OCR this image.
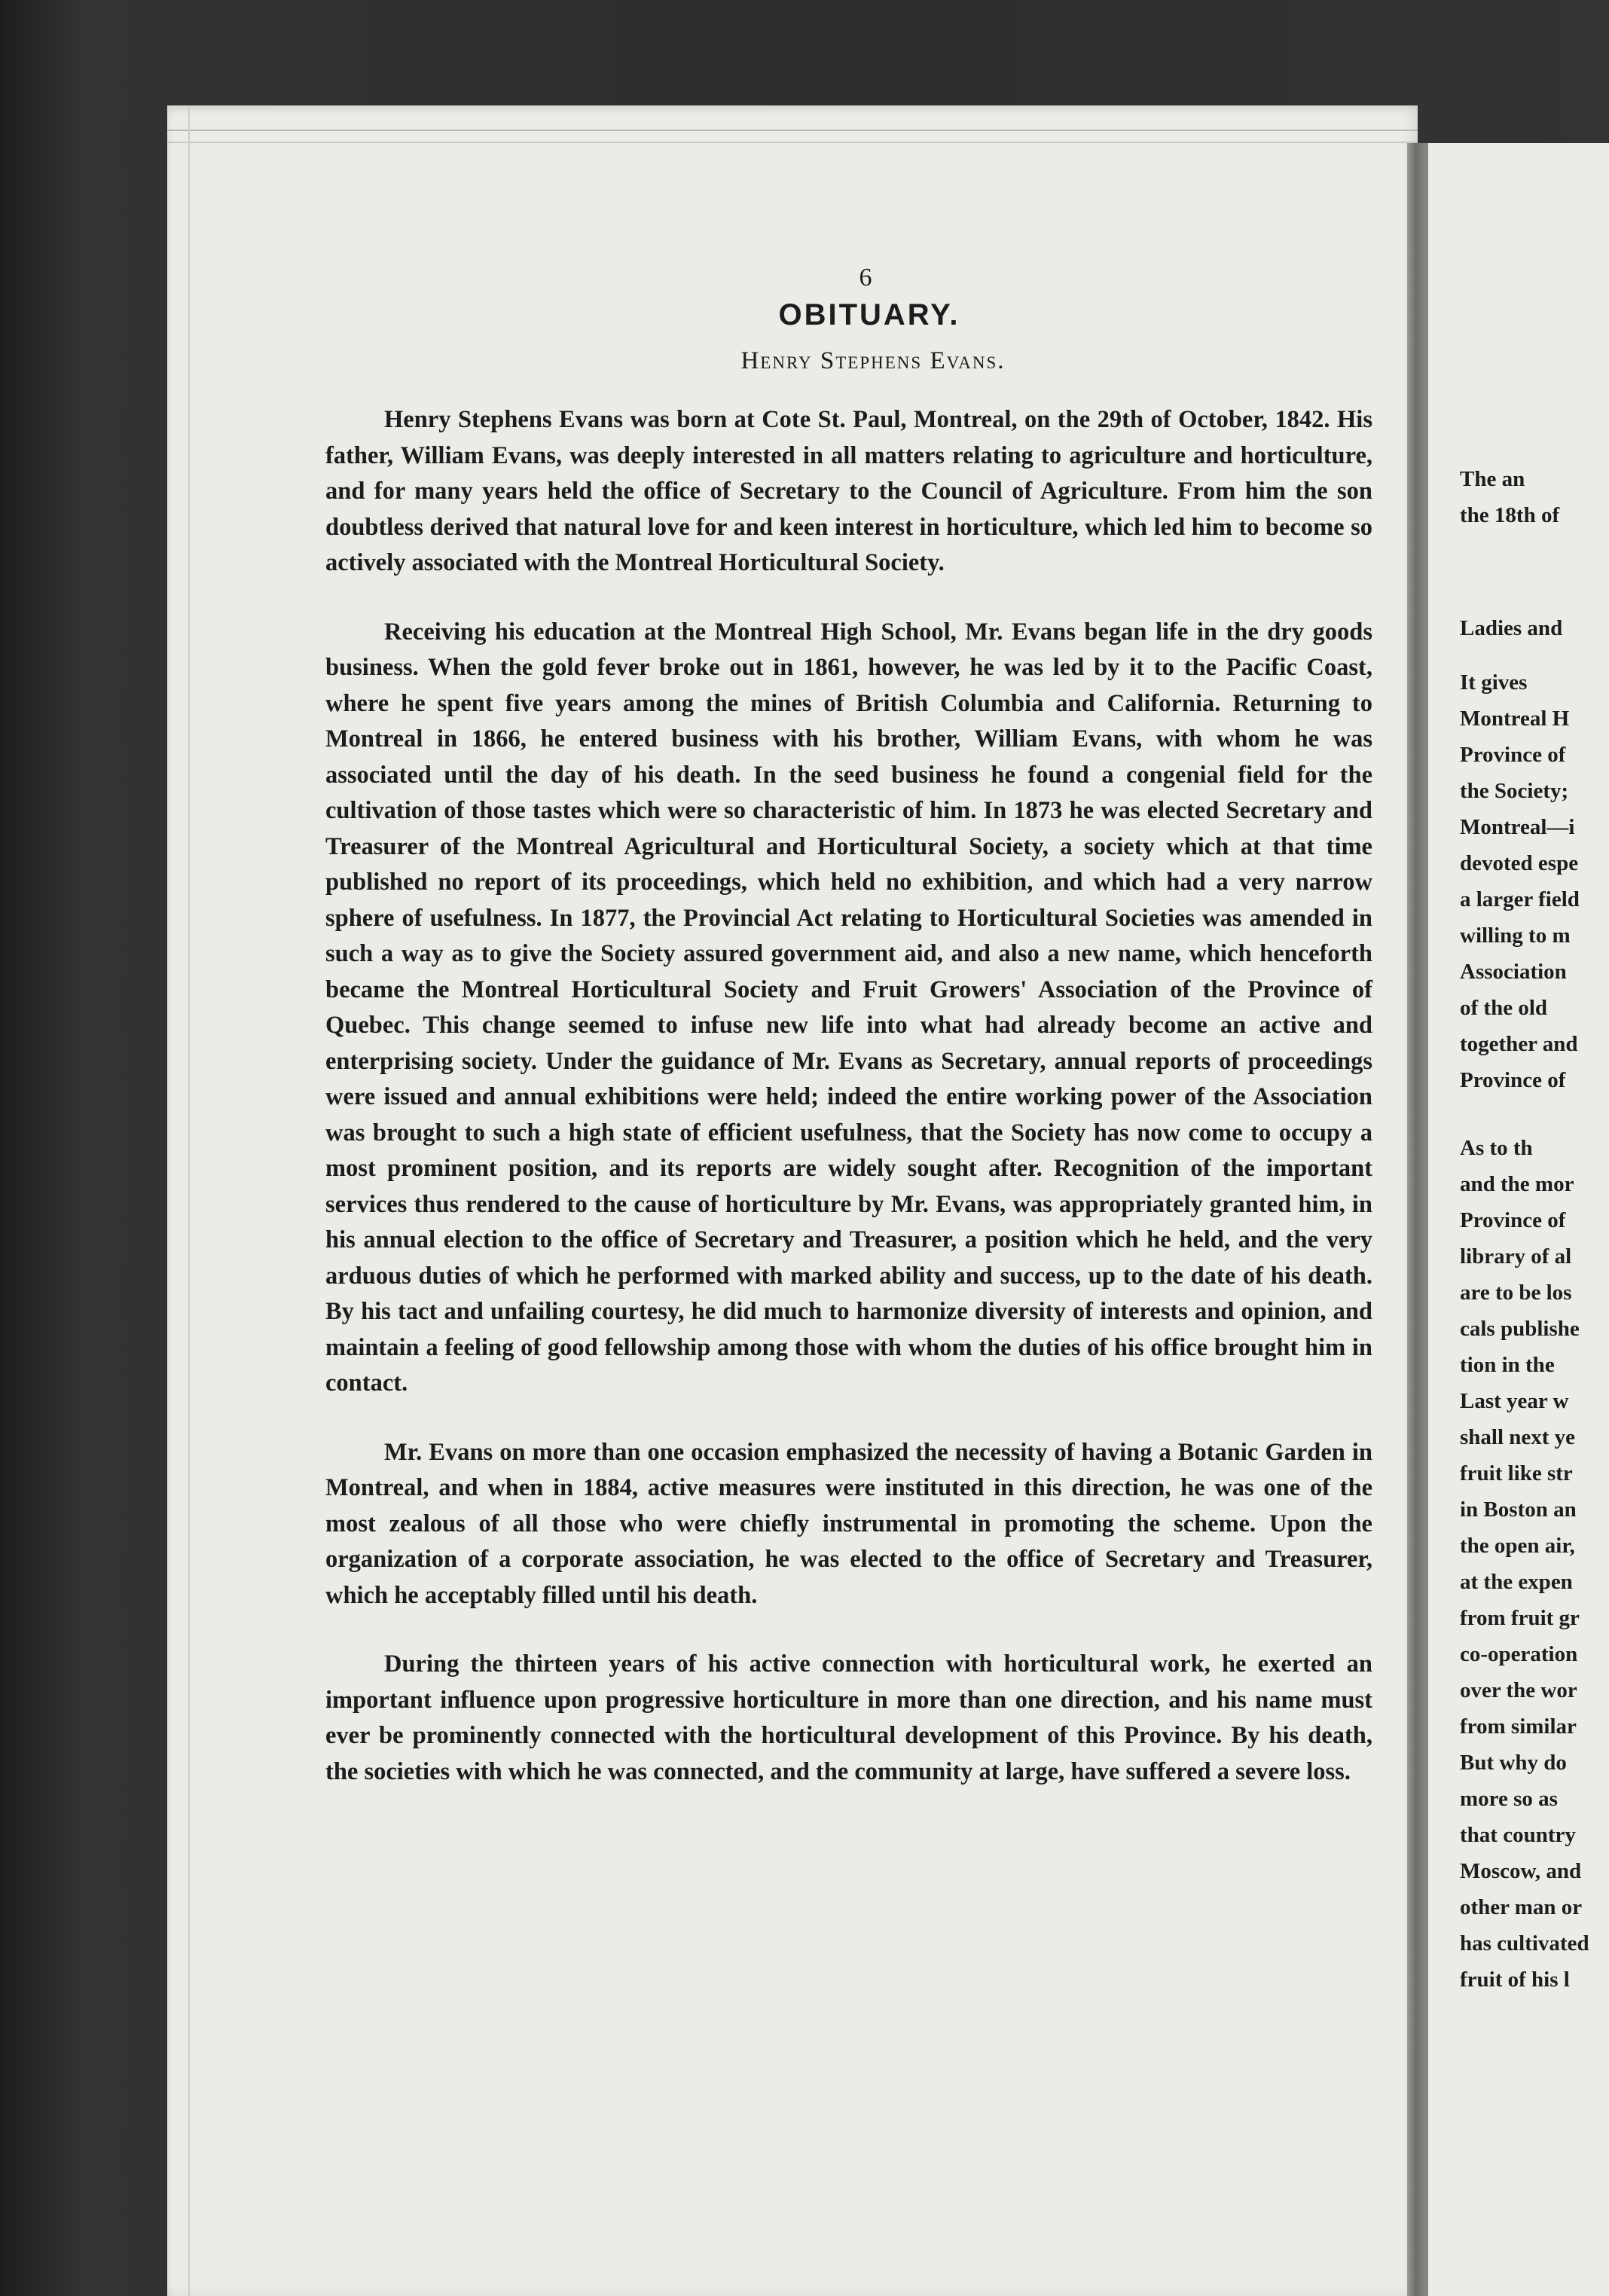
6
OBITUARY.
Henry Stephens Evans.

Henry Stephens Evans was born at Cote St. Paul, Montreal, on the 29th of October, 1842. His father, William Evans, was deeply interested in all matters relating to agriculture and horticulture, and for many years held the office of Secretary to the Council of Agriculture. From him the son doubtless derived that natural love for and keen interest in horticulture, which led him to become so actively associated with the Montreal Horticultural Society.

Receiving his education at the Montreal High School, Mr. Evans began life in the dry goods business. When the gold fever broke out in 1861, however, he was led by it to the Pacific Coast, where he spent five years among the mines of British Columbia and California. Returning to Montreal in 1866, he entered business with his brother, William Evans, with whom he was associated until the day of his death. In the seed business he found a congenial field for the cultivation of those tastes which were so characteristic of him. In 1873 he was elected Secretary and Treasurer of the Montreal Agricultural and Horticultural Society, a society which at that time published no report of its proceedings, which held no exhibition, and which had a very narrow sphere of usefulness. In 1877, the Provincial Act relating to Horticultural Societies was amended in such a way as to give the Society assured government aid, and also a new name, which henceforth became the Montreal Horticultural Society and Fruit Growers' Association of the Province of Quebec. This change seemed to infuse new life into what had already become an active and enterprising society. Under the guidance of Mr. Evans as Secretary, annual reports of proceedings were issued and annual exhibitions were held; indeed the entire working power of the Association was brought to such a high state of efficient usefulness, that the Society has now come to occupy a most prominent position, and its reports are widely sought after. Recognition of the important services thus rendered to the cause of horticulture by Mr. Evans, was appropriately granted him, in his annual election to the office of Secretary and Treasurer, a position which he held, and the very arduous duties of which he performed with marked ability and success, up to the date of his death. By his tact and unfailing courtesy, he did much to harmonize diversity of interests and opinion, and maintain a feeling of good fellowship among those with whom the duties of his office brought him in contact.

Mr. Evans on more than one occasion emphasized the necessity of having a Botanic Garden in Montreal, and when in 1884, active measures were instituted in this direction, he was one of the most zealous of all those who were chiefly instrumental in promoting the scheme. Upon the organization of a corporate association, he was elected to the office of Secretary and Treasurer, which he acceptably filled until his death.

During the thirteen years of his active connection with horticultural work, he exerted an important influence upon progressive horticulture in more than one direction, and his name must ever be prominently connected with the horticultural development of this Province. By his death, the societies with which he was connected, and the community at large, have suffered a severe loss.

The an
the 18th of
Ladies and
It gives
Montreal H
Province of
the Society;
Montreal—i
devoted espe
a larger field
willing to m
Association
of the old
together and
Province of
As to th
and the mor
Province of
library of al
are to be los
cals publishe
tion in the
Last year w
shall next ye
fruit like str
in Boston an
the open air,
at the expen
from fruit gr
co-operation
over the wor
from similar
But why do
more so as
that country
Moscow, and
other man or
has cultivated
fruit of his l
